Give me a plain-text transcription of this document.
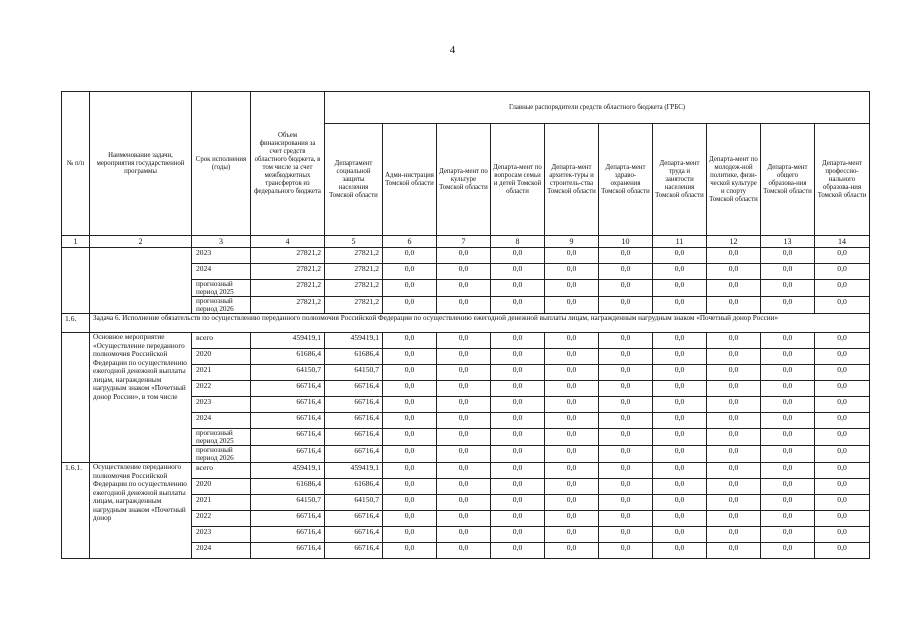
4
№ п/п	Наименование задачи, мероприятия государственной программы	Срок исполнения (годы)	Объем финансирования за счет средств областного бюджета, в том числе за счет межбюджетных трансфертов из федерального бюджета	Главные распорядители средств областного бюджета (ГРБС)									
				Департамент социальной защиты населения Томской области	Адми-нистрация Томской области	Департа-мент по культуре Томской области	Департа-мент по вопросам семьи и детей Томской области	Департа-мент архитек-туры и строитель-ства Томской области	Департа-мент здраво-охранения Томской области	Департа-мент труда и занятости населения Томской области	Департа-мент по молодеж-ной политике, физи-ческой культуре и спорту Томской области	Департа-мент общего образова-ния Томской области	Департа-мент профессио-нального образова-ния Томской области
1	2	3	4	5	6	7	8	9	10	11	12	13	14
		2023	27821,2	27821,2	0,0	0,0	0,0	0,0	0,0	0,0	0,0	0,0	0,0
		2024	27821,2	27821,2	0,0	0,0	0,0	0,0	0,0	0,0	0,0	0,0	0,0
		прогнозный период 2025	27821,2	27821,2	0,0	0,0	0,0	0,0	0,0	0,0	0,0	0,0	0,0
		прогнозный период 2026	27821,2	27821,2	0,0	0,0	0,0	0,0	0,0	0,0	0,0	0,0	0,0
1.6.	Задача 6. Исполнение обязательств по осуществлению переданного полномочия Российской Федерации по осуществлению ежегодной денежной выплаты лицам, награжденным нагрудным знаком «Почетный донор России»												
	Основное мероприятие «Осуществление переданного полномочия Российской Федерации по осуществлению ежегодной денежной выплаты лицам, награжденным нагрудным знаком «Почетный донор России», в том числе	всего	459419,1	459419,1	0,0	0,0	0,0	0,0	0,0	0,0	0,0	0,0	0,0
		2020	61686,4	61686,4	0,0	0,0	0,0	0,0	0,0	0,0	0,0	0,0	0,0
		2021	64150,7	64150,7	0,0	0,0	0,0	0,0	0,0	0,0	0,0	0,0	0,0
		2022	66716,4	66716,4	0,0	0,0	0,0	0,0	0,0	0,0	0,0	0,0	0,0
		2023	66716,4	66716,4	0,0	0,0	0,0	0,0	0,0	0,0	0,0	0,0	0,0
		2024	66716,4	66716,4	0,0	0,0	0,0	0,0	0,0	0,0	0,0	0,0	0,0
		прогнозный период 2025	66716,4	66716,4	0,0	0,0	0,0	0,0	0,0	0,0	0,0	0,0	0,0
		прогнозный период 2026	66716,4	66716,4	0,0	0,0	0,0	0,0	0,0	0,0	0,0	0,0	0,0
1.6.1.	Осуществление переданного полномочия Российской Федерации по осуществлению ежегодной денежной выплаты лицам, награжденным нагрудным знаком «Почетный донор	всего	459419,1	459419,1	0,0	0,0	0,0	0,0	0,0	0,0	0,0	0,0	0,0
		2020	61686,4	61686,4	0,0	0,0	0,0	0,0	0,0	0,0	0,0	0,0	0,0
		2021	64150,7	64150,7	0,0	0,0	0,0	0,0	0,0	0,0	0,0	0,0	0,0
		2022	66716,4	66716,4	0,0	0,0	0,0	0,0	0,0	0,0	0,0	0,0	0,0
		2023	66716,4	66716,4	0,0	0,0	0,0	0,0	0,0	0,0	0,0	0,0	0,0
		2024	66716,4	66716,4	0,0	0,0	0,0	0,0	0,0	0,0	0,0	0,0	0,0
